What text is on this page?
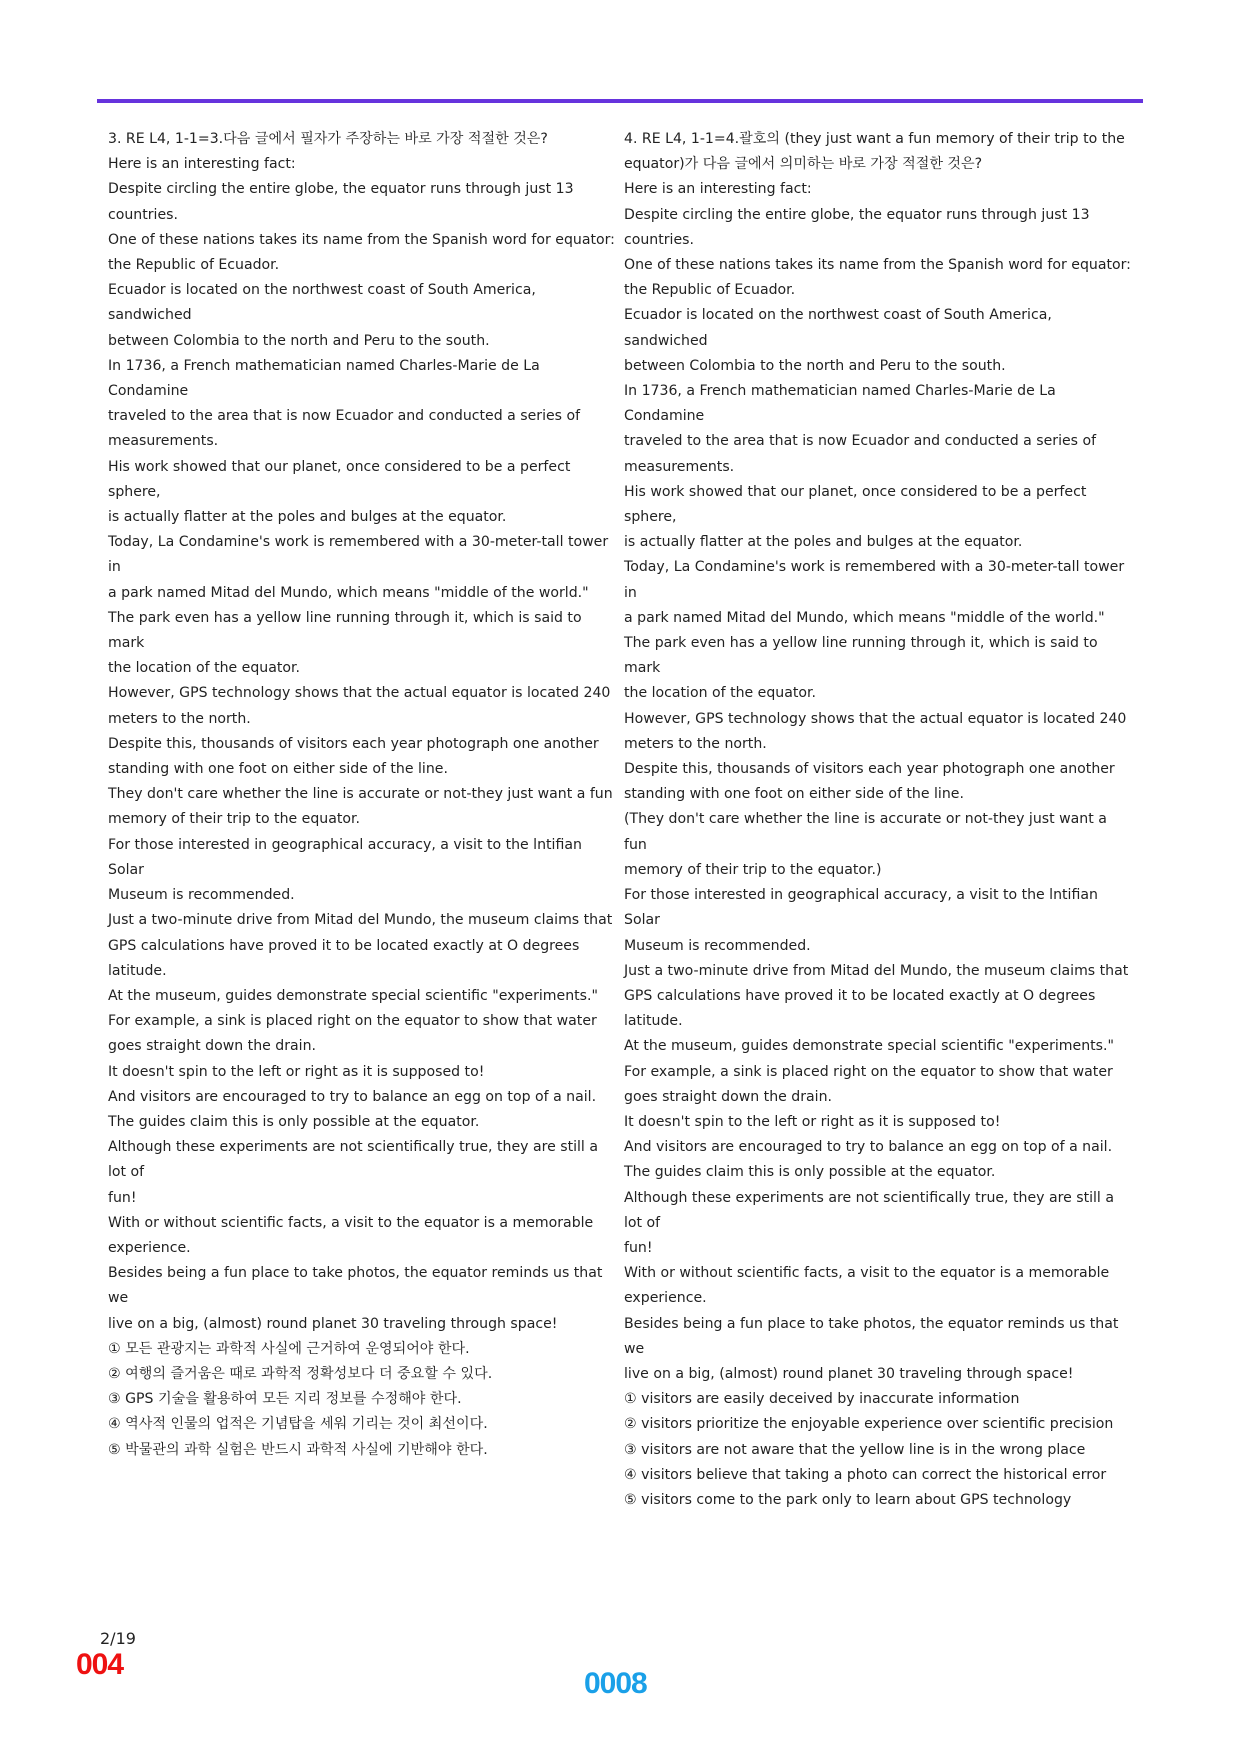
3. RE L4, 1-1=3.다음 글에서 필자가 주장하는 바로 가장 적절한 것은?

Here is an interesting fact:

Despite circling the entire globe, the equator runs through just 13

countries.

One of these nations takes its name from the Spanish word for equator:

the Republic of Ecuador.

Ecuador is located on the northwest coast of South America, sandwiched

between Colombia to the north and Peru to the south.

In 1736, a French mathematician named Charles-Marie de La Condamine

traveled to the area that is now Ecuador and conducted a series of

measurements.

His work showed that our planet, once considered to be a perfect sphere,

is actually flatter at the poles and bulges at the equator.

Today, La Condamine's work is remembered with a 30-meter-tall tower in

a park named Mitad del Mundo, which means "middle of the world."

The park even has a yellow line running through it, which is said to mark

the location of the equator.

However, GPS technology shows that the actual equator is located 240

meters to the north.

Despite this, thousands of visitors each year photograph one another

standing with one foot on either side of the line.

They don't care whether the line is accurate or not-they just want a fun

memory of their trip to the equator.

For those interested in geographical accuracy, a visit to the lntifian Solar

Museum is recommended.

Just a two-minute drive from Mitad del Mundo, the museum claims that

GPS calculations have proved it to be located exactly at O degrees

latitude.

At the museum, guides demonstrate special scientific "experiments."

For example, a sink is placed right on the equator to show that water

goes straight down the drain.

It doesn't spin to the left or right as it is supposed to!

And visitors are encouraged to try to balance an egg on top of a nail.

The guides claim this is only possible at the equator.

Although these experiments are not scientifically true, they are still a lot of

fun!

With or without scientific facts, a visit to the equator is a memorable

experience.

Besides being a fun place to take photos, the equator reminds us that we

live on a big, (almost) round planet 30 traveling through space!

① 모든 관광지는 과학적 사실에 근거하여 운영되어야 한다.

② 여행의 즐거움은 때로 과학적 정확성보다 더 중요할 수 있다.

③ GPS 기술을 활용하여 모든 지리 정보를 수정해야 한다.

④ 역사적 인물의 업적은 기념탑을 세워 기리는 것이 최선이다.

⑤ 박물관의 과학 실험은 반드시 과학적 사실에 기반해야 한다.

4. RE L4, 1-1=4.괄호의 (they just want a fun memory of their trip to the

equator)가 다음 글에서 의미하는 바로 가장 적절한 것은?

Here is an interesting fact:

Despite circling the entire globe, the equator runs through just 13

countries.

One of these nations takes its name from the Spanish word for equator:

the Republic of Ecuador.

Ecuador is located on the northwest coast of South America, sandwiched

between Colombia to the north and Peru to the south.

In 1736, a French mathematician named Charles-Marie de La Condamine

traveled to the area that is now Ecuador and conducted a series of

measurements.

His work showed that our planet, once considered to be a perfect sphere,

is actually flatter at the poles and bulges at the equator.

Today, La Condamine's work is remembered with a 30-meter-tall tower in

a park named Mitad del Mundo, which means "middle of the world."

The park even has a yellow line running through it, which is said to mark

the location of the equator.

However, GPS technology shows that the actual equator is located 240

meters to the north.

Despite this, thousands of visitors each year photograph one another

standing with one foot on either side of the line.

(They don't care whether the line is accurate or not-they just want a fun

memory of their trip to the equator.)

For those interested in geographical accuracy, a visit to the lntifian Solar

Museum is recommended.

Just a two-minute drive from Mitad del Mundo, the museum claims that

GPS calculations have proved it to be located exactly at O degrees

latitude.

At the museum, guides demonstrate special scientific "experiments."

For example, a sink is placed right on the equator to show that water

goes straight down the drain.

It doesn't spin to the left or right as it is supposed to!

And visitors are encouraged to try to balance an egg on top of a nail.

The guides claim this is only possible at the equator.

Although these experiments are not scientifically true, they are still a lot of

fun!

With or without scientific facts, a visit to the equator is a memorable

experience.

Besides being a fun place to take photos, the equator reminds us that we

live on a big, (almost) round planet 30 traveling through space!

① visitors are easily deceived by inaccurate information

② visitors prioritize the enjoyable experience over scientific precision

③ visitors are not aware that the yellow line is in the wrong place

④ visitors believe that taking a photo can correct the historical error

⑤ visitors come to the park only to learn about GPS technology

2/19
004
0008
